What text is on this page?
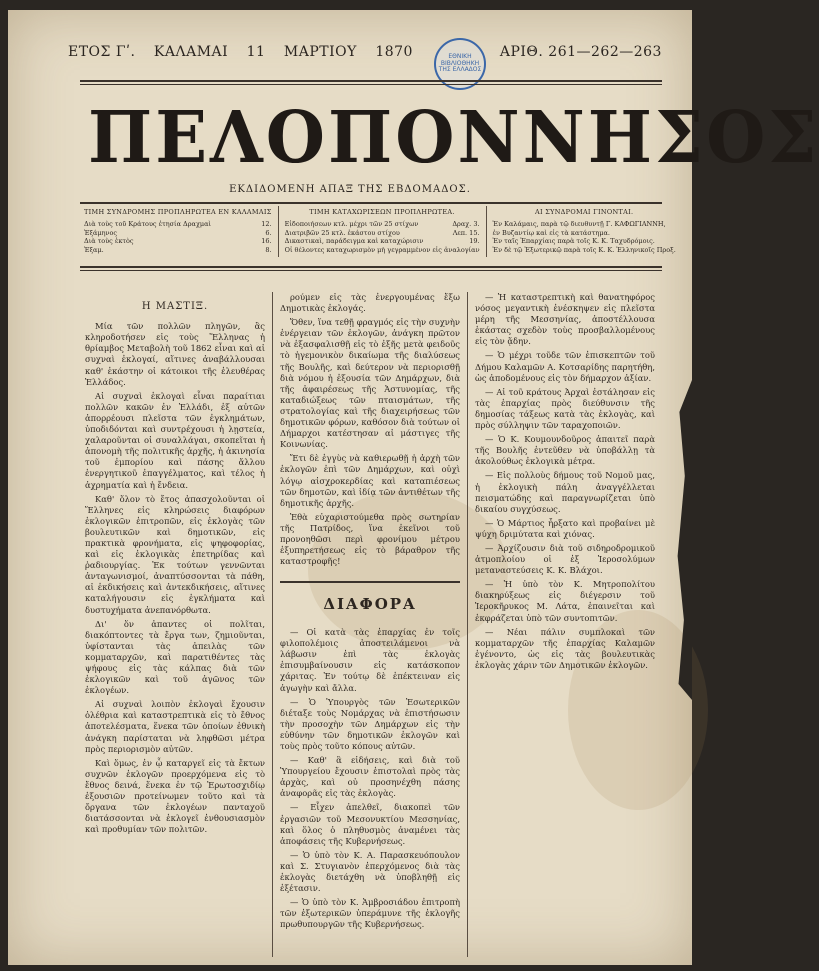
ΕΤΟΣ Γʹ. ΚΑΛΑΜΑΙ 11 ΜΑΡΤΙΟΥ 1870	ΑΡΙΘ. 261—262—263
ΕΘΝΙΚΗ ΒΙΒΛΙΟΘΗΚΗ ΤΗΣ ΕΛΛΑΔΟΣ
ΠΕΛΟΠΟΝΝΗΣΟΣ
ΕΚΔΙΔΟΜΕΝΗ ΑΠΑΞ ΤΗΣ ΕΒΔΟΜΑΔΟΣ.
ΤΙΜΗ ΣΥΝΔΡΟΜΗΣ ΠΡΟΠΛΗΡΩΤΕΑ ΕΝ ΚΑΛΑΜΑΙΣ
Διὰ τοὺς τοῦ Κράτους ἐτησία Δραχμαὶ	12.
Ἑξάμηνος	6.
Διὰ τοὺς ἐκτὸς	16.
Ἑξαμ.	8.
ΤΙΜΗ ΚΑΤΑΧΩΡΙΣΕΩΝ ΠΡΟΠΛΗΡΩΤΕΑ.
Εἰδοποιήσεων κτλ. μέχρι τῶν 25 στίχων	Δραχ. 3.
Διατριβῶν 25 κτλ. ἑκάστου στίχου	Λεπ. 15.
Δικαστικαὶ, παράδειγμα καὶ καταχώρισιν	19.
Οἱ θέλοντες καταχωρισμὸν μὴ γεγραμμένον εἰς ἀναλογίαν
ΑΙ ΣΥΝΔΡΟΜΑΙ ΓΙΝΟΝΤΑΙ.
Ἐν Καλάμαις, παρὰ τῷ διευθυντῇ Γ. ΚΑΦΩΓΙΑΝΝΗ,
ἐν Βυζαντίῳ καὶ εἰς τὰ κατάστημα.
Ἐν ταῖς Ἐπαρχίαις παρὰ τοῖς Κ. Κ. Ταχυδρόμοις.
Ἐν δὲ τῷ Ἐξωτερικῷ παρὰ τοῖς Κ. Κ. Ἑλληνικοῖς Προξ.
Η ΜΑΣΤΙΞ.

Μία τῶν πολλῶν πληγῶν, ἃς κληροδοτήσεν εἰς τοὺς Ἕλληνας ἡ θρίαμβος Μεταβολὴ τοῦ 1862 εἶναι καὶ αἱ συχναὶ ἐκλογαί, αἵτινες ἀναβάλλουσαι καθ' ἑκάστην οἱ κάτοικοι τῆς ἐλευθέρας Ἑλλάδος.

Αἱ συχναὶ ἐκλογαὶ εἶναι παραίτιαι πολλῶν κακῶν ἐν Ἑλλάδι, ἐξ αὐτῶν ἀπορρέουσι πλεῖστα τῶν ἐγκλημάτων, ὑποδιδόνται καὶ συντρέχουσι ἡ λῃστεία, χαλαροῦνται οἱ συναλλάγαι, σκοπεῖται ἡ ἀπονομὴ τῆς πολιτικῆς ἀρχῆς, ἡ ἀκινησία τοῦ ἐμπορίου καὶ πάσης ἄλλου ἐνεργητικοῦ ἐπαγγέλματος, καὶ τέλος ἡ ἀχρηματία καὶ ἡ ἔνδεια.

Καθ' ὅλον τὸ ἔτος ἀπασχολοῦνται οἱ Ἕλληνες εἰς κληρώσεις διαφόρων ἐκλογικῶν ἐπιτροπῶν, εἰς ἐκλογὰς τῶν βουλευτικῶν καὶ δημοτικῶν, εἰς πρακτικὰ φρονήματα, εἰς ψηφοφορίας, καὶ εἰς ἐκλογικὰς ἐπετηρίδας καὶ ῥαδιουργίας. Ἐκ τούτων γεννῶνται ἀνταγωνισμοί, ἀναπτύσσονται τὰ πάθη, αἱ ἐκδικήσεις καὶ ἀντεκδικήσεις, αἵτινες καταλήγουσιν εἰς ἐγκλήματα καὶ δυστυχήματα ἀνεπανόρθωτα.

Δι' ὅν ἀπαντες οἱ πολῖται, διακόπτοντες τὰ ἔργα των, ζημιοῦνται, ὑφίστανται τὰς ἀπειλὰς τῶν κομματαρχῶν, καὶ παρατιθέντες τὰς ψήφους εἰς τὰς κάλπας διὰ τῶν ἐκλογικῶν καὶ τοῦ ἀγῶνος τῶν ἐκλογέων.

Αἱ συχναὶ λοιπὸν ἐκλογαὶ ἔχουσιν ὀλέθρια καὶ καταστρεπτικὰ εἰς τὸ ἔθνος ἀποτελέσματα, ἕνεκα τῶν ὁποίων ἐθνικὴ ἀνάγκη παρίσταται νὰ ληφθῶσι μέτρα πρὸς περιορισμὸν αὐτῶν.

Καὶ ὅμως, ἐν ᾧ καταργεῖ εἰς τὰ ἔκτων συχνῶν ἐκλογῶν προερχόμενα εἰς τὸ ἔθνος δεινά, ἕνεκα ἐν τῷ Ἐρωτοσχιδίῳ ἐξουσιῶν προτείνωμεν τοῦτο καὶ τὰ ὄργανα τῶν ἐκλογέων πανταχοῦ διατάσσονται νὰ ἐκλογεῖ ἐνθουσιασμὸν καὶ προθυμίαν τῶν πολιτῶν.

ρούμεν εἰς τὰς ἐνεργουμένας ἔξω Δημοτικὰς ἐκλογάς.

Ὅθεν, ἵνα τεθῇ φραγμός εἰς τὴν συχνὴν ἐνέργειαν τῶν ἐκλογῶν, ἀνάγκη πρῶτον νὰ ἐξασφαλισθῇ εἰς τὸ ἐξῆς μετὰ φειδοῦς τὸ ἡγεμονικὸν δικαίωμα τῆς διαλύσεως τῆς Βουλῆς, καὶ δεύτερον νὰ περιορισθῇ διὰ νόμου ἡ ἐξουσία τῶν Δημάρχων, διὰ τῆς ἀφαιρέσεως τῆς Ἀστυνομίας, τῆς καταδιώξεως τῶν πταισμάτων, τῆς στρατολογίας καὶ τῆς διαχειρήσεως τῶν δημοτικῶν φόρων, καθόσον διὰ τούτων οἱ Δήμαρχοι κατέστησαν αἱ μάστιγες τῆς Κοινωνίας.

Ἔτι δὲ ἐγγὺς νὰ καθιερωθῇ ἡ ἀρχὴ τῶν ἐκλογῶν ἐπὶ τῶν Δημάρχων, καὶ οὐχὶ λόγῳ αἰσχροκερδίας καὶ καταπιέσεως τῶν δημοτῶν, καὶ ἰδίᾳ τῶν ἀντιθέτων τῆς δημοτικῆς ἀρχῆς.

Ἐθὰ εὐχαριστούμεθα πρὸς σωτηρίαν τῆς Πατρίδος, ἵνα ἐκεῖνοι τοῦ προνοηθῶσι περὶ φρονίμου μέτρου ἐξυπηρετήσεως εἰς τὸ βάραθρον τῆς καταστροφῆς!

ΔΙΑΦΟΡΑ

— Οἱ κατὰ τὰς ἐπαρχίας ἐν τοῖς φιλοπολέμοις ἀποστειλάμενοι νὰ λάβωσιν ἐπὶ τὰς ἐκλογὰς ἐπισυμβαίνουσιν εἰς κατάσκοπον χάριτας. Ἐν τούτῳ δὲ ἐπέκτειναν εἰς ἀγωγὴν καὶ ἄλλα.

— Ὁ Ὑπουργὸς τῶν Ἐσωτερικῶν διέταξε τοὺς Νομάρχας νὰ ἐπιστήσωσιν τὴν προσοχὴν τῶν Δημάρχων εἰς τὴν εὐθύνην τῶν δημοτικῶν ἐκλογῶν καὶ τοὺς πρὸς τοῦτο κόπους αὐτῶν.

— Καθ' ἃ εἰδήσεις, καὶ διὰ τοῦ Ὑπουργείου ἔχουσιν ἐπιστολαὶ πρὸς τὰς ἀρχὰς, καὶ οὐ προσηνέχθη πάσης ἀναφορᾶς εἰς τὰς ἐκλογὰς.

— Εἶχεν ἀπελθεῖ, διακοπεὶ τῶν ἐργασιῶν τοῦ Μεσονυκτίου Μεσσηνίας, καὶ ὅλος ὁ πληθυσμὸς ἀναμένει τὰς ἀποφάσεις τῆς Κυβερνήσεως.

— Ὁ ὑπὸ τὸν Κ. Α. Παρασκευόπουλον καὶ Σ. Στυγιανὸν ἐπερχόμενος διὰ τὰς ἐκλογὰς διετάχθη νὰ ὑποβληθῇ εἰς ἐξέτασιν.

— Ὁ ὑπὸ τὸν Κ. Ἀμβροσιάδου ἐπιτροπὴ τῶν ἐξωτερικῶν ὑπεράμυνε τῆς ἐκλογῆς πρωθυπουργῶν τῆς Κυβερνήσεως.

— Ἡ καταστρεπτικὴ καὶ θανατηφόρος νόσος μεγαντικὴ ἐνέσκηψεν εἰς πλεῖστα μέρη τῆς Μεσσηνίας, ἀποστέλλουσα ἑκάστας σχεδὸν τοὺς προσβαλλομένους εἰς τὸν ᾅδην.

— Ὁ μέχρι τοῦδε τῶν ἐπισκεπτῶν τοῦ Δήμου Καλαμῶν Α. Κοτσαρίδης παρητήθη, ὡς ἀποδομένους εἰς τὸν δήμαρχον ἀξίαν.

— Αἱ τοῦ κράτους Ἀρχαὶ ἐστάλησαν εἰς τὰς ἐπαρχίας πρὸς διεύθυνσιν τῆς δημοσίας τάξεως κατὰ τὰς ἐκλογὰς, καὶ πρὸς σύλληψιν τῶν ταραχοποιῶν.

— Ὁ Κ. Κουμουνδοῦρος ἀπαιτεῖ παρὰ τῆς Βουλῆς ἐντεῦθεν νὰ ὑποβάλλῃ τὰ ἀκολούθως ἐκλογικὰ μέτρα.

— Εἰς πολλοὺς δήμους τοῦ Νομοῦ μας, ἡ ἐκλογικὴ πάλη ἀναγγέλλεται πεισματώδης καὶ παραγνωρίζεται ὑπὸ δικαίου συγχύσεως.

— Ὁ Μάρτιος ἦρξατο καὶ προβαίνει μὲ ψύχη δριμύτατα καὶ χιόνας.

— Ἀρχίζουσιν διὰ τοῦ σιδηροδρομικοῦ ἀτμοπλοίου οἱ ἐξ Ἱεροσολύμων μεταναστεύσεις Κ. Κ. Βλάχοι.

— Ἡ ὑπὸ τὸν Κ. Μητροπολίτου διακηρύξεως εἰς διέγερσιν τοῦ Ἱεροκῆρυκος Μ. Λάτα, ἐπαινεῖται καὶ ἐκφράζεται ὑπὸ τῶν συντοπιτῶν.

— Νέαι πάλιν συμπλοκαὶ τῶν κομματαρχῶν τῆς ἐπαρχίας Καλαμῶν ἐγένοντο, ὡς εἰς τὰς βουλευτικὰς ἐκλογὰς χάριν τῶν Δημοτικῶν ἐκλογῶν.
